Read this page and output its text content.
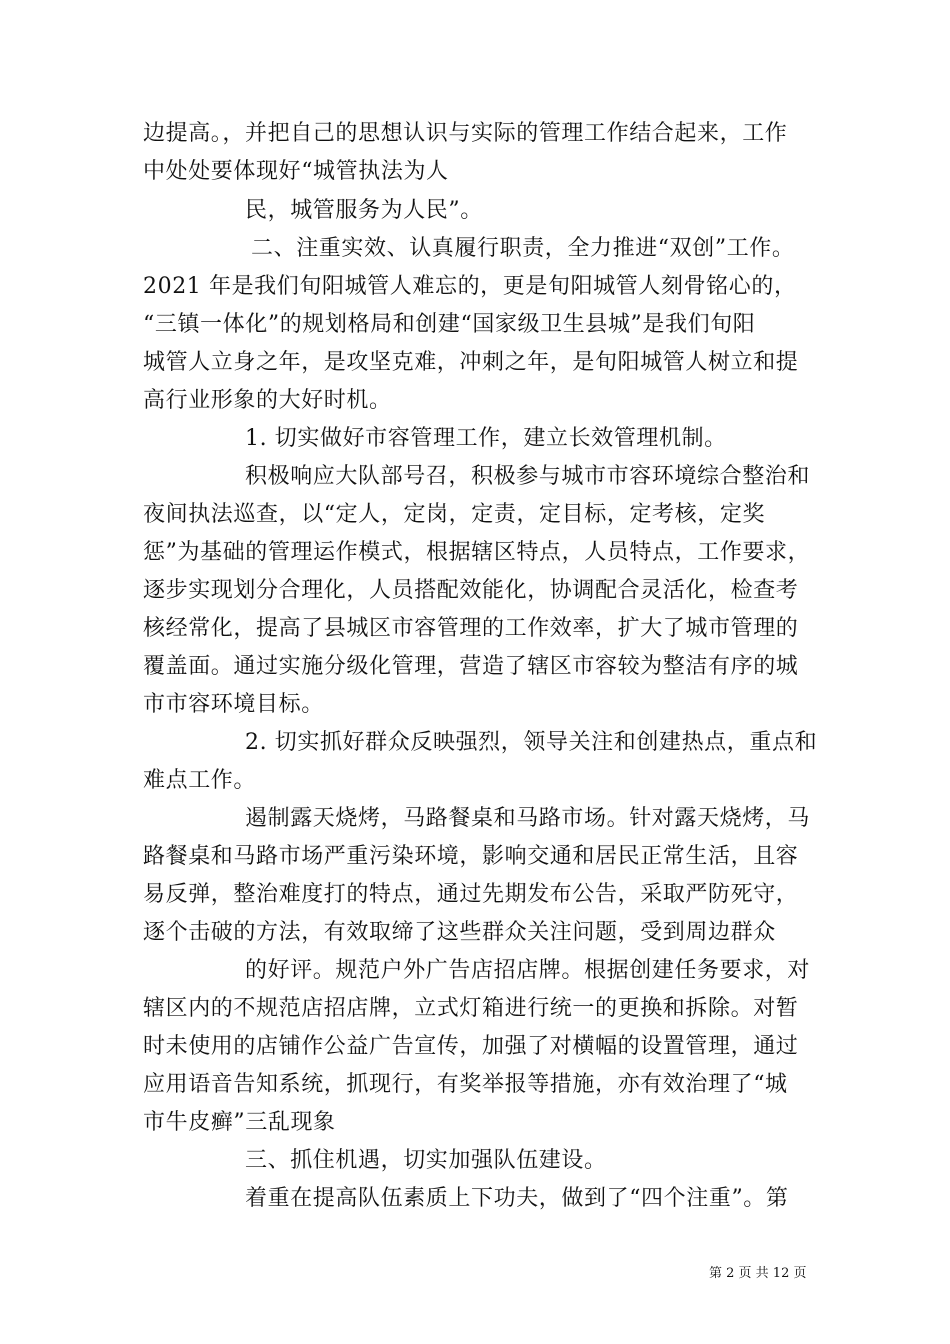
边提高。，并把自己的思想认识与实际的管理工作结合起来，工作
中处处要体现好“城管执法为人
民，城管服务为人民”。
二、注重实效、认真履行职责，全力推进“双创”工作。
2021 年是我们旬阳城管人难忘的，更是旬阳城管人刻骨铭心的，
“三镇一体化”的规划格局和创建“国家级卫生县城”是我们旬阳
城管人立身之年，是攻坚克难，冲刺之年，是旬阳城管人树立和提
高行业形象的大好时机。
1. 切实做好市容管理工作，建立长效管理机制。
积极响应大队部号召，积极参与城市市容环境综合整治和
夜间执法巡查，以“定人，定岗，定责，定目标，定考核，定奖
惩”为基础的管理运作模式，根据辖区特点，人员特点，工作要求，
逐步实现划分合理化，人员搭配效能化，协调配合灵活化，检查考
核经常化，提高了县城区市容管理的工作效率，扩大了城市管理的
覆盖面。通过实施分级化管理，营造了辖区市容较为整洁有序的城
市市容环境目标。
2. 切实抓好群众反映强烈，领导关注和创建热点，重点和
难点工作。
遏制露天烧烤，马路餐桌和马路市场。针对露天烧烤，马
路餐桌和马路市场严重污染环境，影响交通和居民正常生活，且容
易反弹，整治难度打的特点，通过先期发布公告，采取严防死守，
逐个击破的方法，有效取缔了这些群众关注问题，受到周边群众
的好评。规范户外广告店招店牌。根据创建任务要求，对
辖区内的不规范店招店牌，立式灯箱进行统一的更换和拆除。对暂
时未使用的店铺作公益广告宣传，加强了对横幅的设置管理，通过
应用语音告知系统，抓现行，有奖举报等措施，亦有效治理了“城
市牛皮癣”三乱现象
三、抓住机遇，切实加强队伍建设。
着重在提高队伍素质上下功夫，做到了“四个注重”。第
第 2 页 共 12 页
